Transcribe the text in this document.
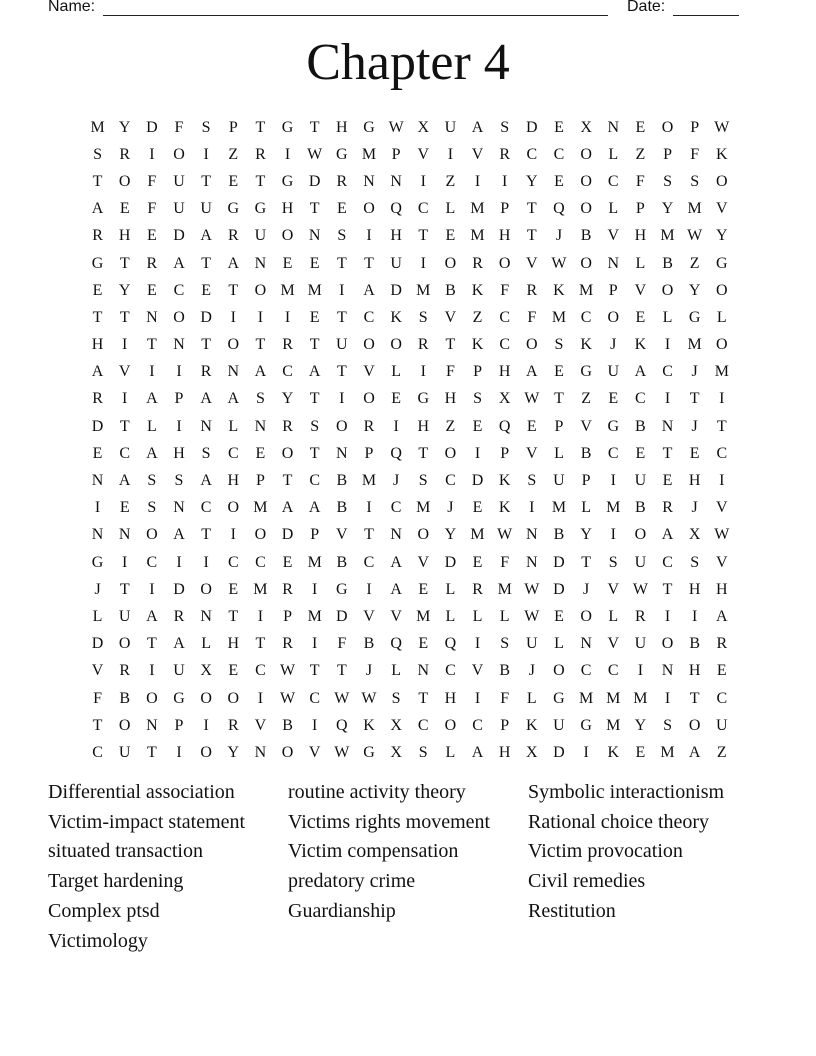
Name:	Date:
Chapter 4
M Y D	F	S	P	T	G	T	H G W X U A	S	D	E	X N	E	O	P W
S	R	I	O	I	Z	R	I	W G M P	V	I	V	R	C	C	O	L	Z	P	F	K
T	O	F	U	T	E	T	G D	R	N N	I	Z	I	I	Y	E	O	C	F	S	S	O
A	E	F	U U G G H	T	E	O Q	C	L M P	T	Q O	L	P	Y M V
R	H	E	D A	R	U O N	S	I	H	T	E M H	T	J	B	V H M W Y
G	T	R	A	T	A N	E	E	T	T	U	I	O	R	O V W O N	L	B	Z	G
E	Y	E	C	E	T	O M M	I	A D M B	K	F	R	K M P	V O Y O
T	T	N O D	I	I	I	E	T	C	K	S	V	Z	C	F M C	O	E	L	G	L
H	I	T	N	T	O	T	R	T	U O O	R	T	K	C	O	S	K	J	K	I	M O
A V	I	I	R	N A	C	A	T	V	L	I	F	P	H A	E	G U A	C	J	M
R	I	A	P	A A	S	Y	T	I	O	E	G H	S	X W T	Z	E	C	I	T	I
D	T	L	I	N	L	N	R	S	O	R	I	H	Z	E	Q	E	P	V G	B	N	J	T
E	C	A H	S	C	E	O	T	N	P	Q	T	O	I	P	V	L	B	C	E	T	E	C
N A	S	S	A H	P	T	C	B M	J	S	C	D K	S	U	P	I	U	E	H	I
I	E	S	N	C	O M A A	B	I	C M	J	E	K	I	M L M B	R	J	V
N N O A	T	I	O D	P	V	T	N O Y M W N	B	Y	I	O A X W
G	I	C	I	I	C	C	E M B	C	A V D	E	F	N D	T	S	U	C	S	V
J	T	I	D O	E M R	I	G	I	A	E	L	R M W D	J	V W T	H H
L	U A	R	N	T	I	P M D V V M L	L	L W E	O	L	R	I	I	A
D O	T	A	L	H	T	R	I	F	B	Q	E	Q	I	S	U	L	N V U O	B	R
V	R	I	U X	E	C W T	T	J	L	N	C	V	B	J	O	C	C	I	N H	E
F	B	O G O O	I	W C W W S	T	H	I	F	L	G M M M	I	T	C
T	O N	P	I	R	V	B	I	Q K X	C	O	C	P	K U G M Y	S	O U
C	U	T	I	O Y N O V W G X	S	L	A H X D	I	K	E M A	Z
Differential association
Victim-impact statement
situated transaction
Target hardening
Complex ptsd
Victimology
routine activity theory
Victims rights movement
Victim compensation
predatory crime
Guardianship
Symbolic interactionism
Rational choice theory
Victim provocation
Civil remedies
Restitution
